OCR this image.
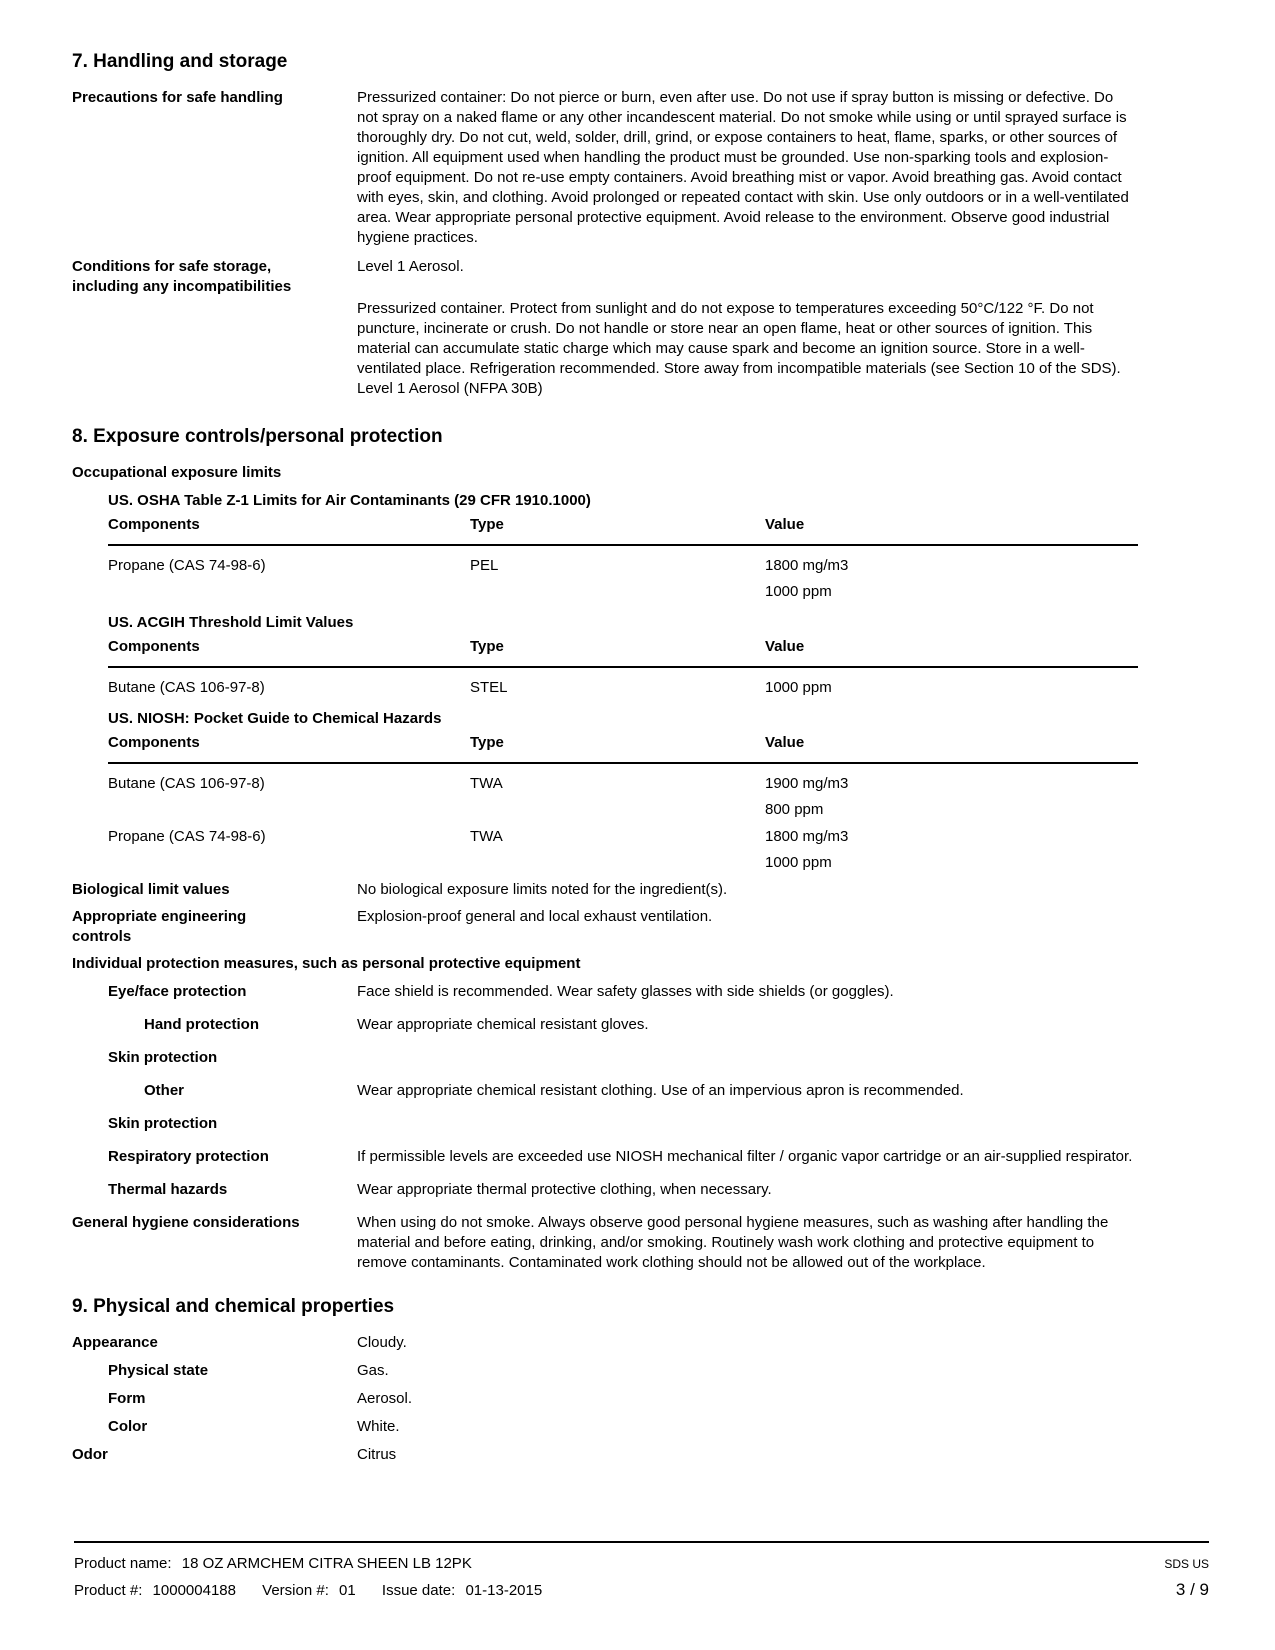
7. Handling and storage
Precautions for safe handling	Pressurized container: Do not pierce or burn, even after use. Do not use if spray button is missing or defective. Do not spray on a naked flame or any other incandescent material. Do not smoke while using or until sprayed surface is thoroughly dry. Do not cut, weld, solder, drill, grind, or expose containers to heat, flame, sparks, or other sources of ignition. All equipment used when handling the product must be grounded. Use non-sparking tools and explosion-proof equipment. Do not re-use empty containers. Avoid breathing mist or vapor. Avoid breathing gas. Avoid contact with eyes, skin, and clothing. Avoid prolonged or repeated contact with skin. Use only outdoors or in a well-ventilated area. Wear appropriate personal protective equipment. Avoid release to the environment. Observe good industrial hygiene practices.
Conditions for safe storage,
including any incompatibilities
Level 1 Aerosol.
Pressurized container. Protect from sunlight and do not expose to temperatures exceeding 50°C/122 °F. Do not puncture, incinerate or crush. Do not handle or store near an open flame, heat or other sources of ignition. This material can accumulate static charge which may cause spark and become an ignition source. Store in a well-ventilated place. Refrigeration recommended. Store away from incompatible materials (see Section 10 of the SDS). Level 1 Aerosol (NFPA 30B)
8. Exposure controls/personal protection
Occupational exposure limits
US. OSHA Table Z-1 Limits for Air Contaminants (29 CFR 1910.1000)
Components	Type	Value
Propane (CAS 74-98-6)	PEL	1800 mg/m3
1000 ppm
US. ACGIH Threshold Limit Values
Components	Type	Value
Butane (CAS 106-97-8)	STEL	1000 ppm
US. NIOSH: Pocket Guide to Chemical Hazards
Components	Type	Value
Butane (CAS 106-97-8)	TWA	1900 mg/m3
800 ppm
Propane (CAS 74-98-6)	TWA	1800 mg/m3
1000 ppm
Biological limit values	No biological exposure limits noted for the ingredient(s).
Appropriate engineering
controls
Explosion-proof general and local exhaust ventilation.
Individual protection measures, such as personal protective equipment
Eye/face protection	Face shield is recommended. Wear safety glasses with side shields (or goggles).
Hand protection	Wear appropriate chemical resistant gloves.
Skin protection
Other	Wear appropriate chemical resistant clothing. Use of an impervious apron is recommended.
Skin protection
Respiratory protection	If permissible levels are exceeded use NIOSH mechanical filter / organic vapor cartridge or an air-supplied respirator.
Thermal hazards	Wear appropriate thermal protective clothing, when necessary.
General hygiene considerations	When using do not smoke. Always observe good personal hygiene measures, such as washing after handling the material and before eating, drinking, and/or smoking. Routinely wash work clothing and protective equipment to remove contaminants. Contaminated work clothing should not be allowed out of the workplace.
9. Physical and chemical properties
Appearance	Cloudy.
Physical state	Gas.
Form	Aerosol.
Color	White.
Odor	Citrus
Product name: 18 OZ ARMCHEM CITRA SHEEN LB 12PK	SDS US
Product #: 1000004188 Version #: 01 Issue date: 01-13-2015	3 / 9
